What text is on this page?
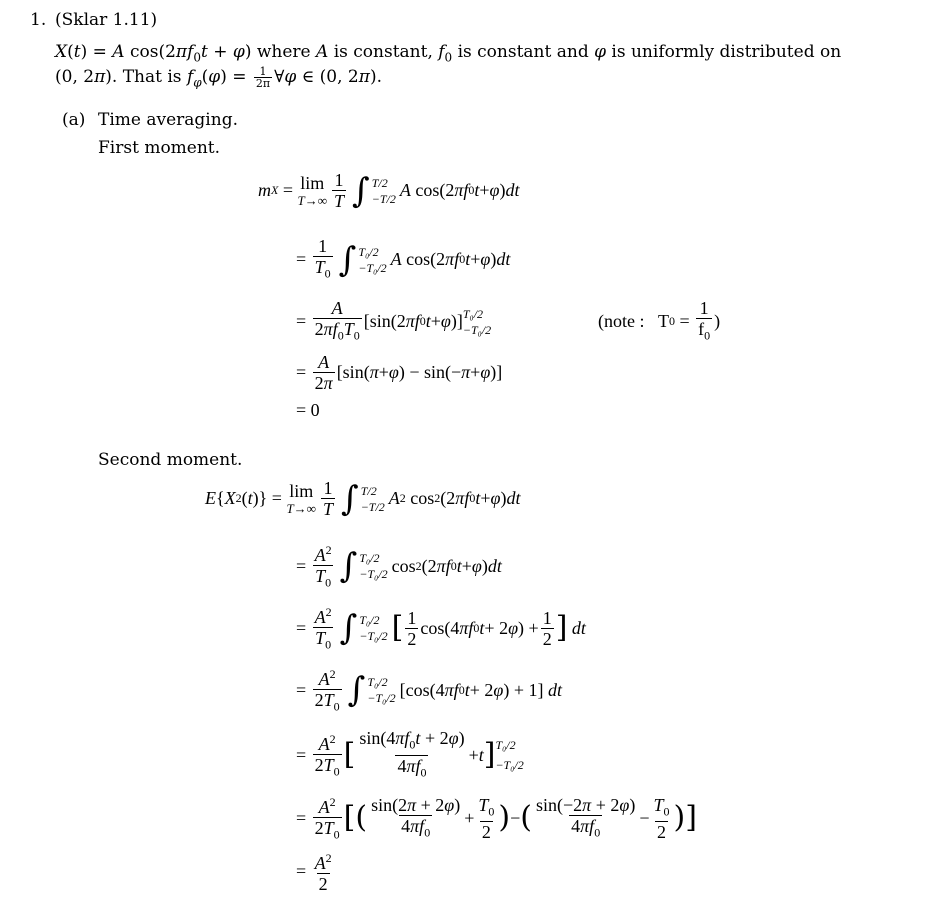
1. (Sklar 1.11)
X(t) = A $\cos(2\pi f_0t + \varphi)$ where A is constant, $f_0$ is constant and φ is uniformly distributed on
(0, 2π). That is $f_\varphi(\varphi) = \frac{1}{2\pi}$ ∀φ ∈ (0, 2π).
(a) Time averaging.
First moment.
m X = lim
$T\to\infty \frac{1}{T}$ ∫ T/2
−T/2 A cos(2 πf 0 t + φ ) dt
= $\frac{1}{T_0}$ ∫ T₀/2
−T₀/2 A cos(2 πf 0 t + φ ) dt
= $\frac{A}{2\pi f_0T_0} [\sin(2$ πf 0 t + φ )] T₀/2
−T₀/2	(note :   T $0 = \frac{1}{f_0}$ )
= $\frac{A}{2\pi} [\sin$( π + φ ) − sin(− π + φ )]
= 0
Second moment.
E { X 2 ( t )} = lim
$T\to\infty \frac{1}{T}$ ∫ T/2
−T/2 A 2 cos 2 (2 πf 0 t + φ ) dt
= $\frac{A^2}{T_0}$ ∫ T₀/2
−T₀/2 cos 2 (2 πf 0 t + φ ) dt
= $\frac{A^2}{T_0}$ ∫ T₀/2
−T₀/2 [ $\frac{1}{2} \cos(4$ πf 0 t + 2 φ ) + $\frac{1}{2}$ ]
dt
= $\frac{A^2}{2T_0}$ ∫ T₀/2
−T₀/2 [cos(4 πf 0 t + 2 φ ) + 1] dt
= $\frac{A^2}{2T_0}$ [ $\frac{\sin(4\pi f_0t + 2\varphi)}{4\pi f_0} + t$ ] T₀/2
−T₀/2
= $\frac{A^2}{2T_0}$ [( $\frac{\sin(2\pi + 2\varphi)}{4\pi f_0} + \frac{T_0}{2}$ ) − ( $\frac{\sin(-2\pi + 2\varphi)}{4\pi f_0} - \frac{T_0}{2}$ )]
= $\frac{A^2}{2}$
